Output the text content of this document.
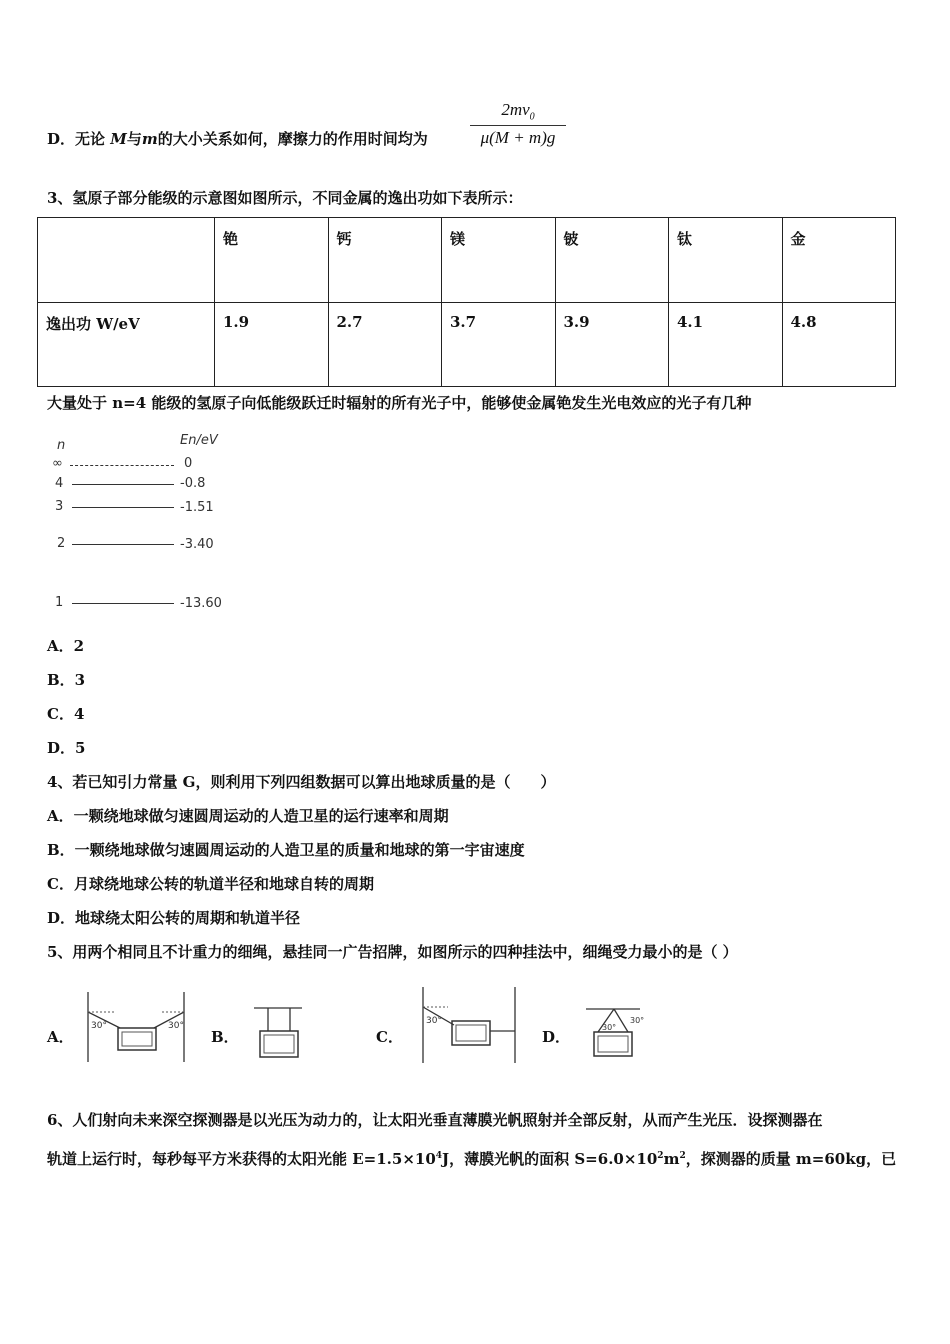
D．无论 M与m的大小关系如何，摩擦力的作用时间均为
$2mv_0$
μ(M + m)g
3、氢原子部分能级的示意图如图所示，不同金属的逸出功如下表所示：
	铯	钙	镁	铍	钛	金
逸出功 W/eV	1.9	2.7	3.7	3.9	4.1	4.8
大量处于 n=4 能级的氢原子向低能级跃迁时辐射的所有光子中，能够使金属铯发生光电效应的光子有几种
n	En/eV
∞	0
4	-0.8
3	-1.51
2	-3.40
1	-13.60
A．2
B．3
C．4
D．5
4、若已知引力常量 G，则利用下列四组数据可以算出地球质量的是（　　）
A．一颗绕地球做匀速圆周运动的人造卫星的运行速率和周期
B．一颗绕地球做匀速圆周运动的人造卫星的质量和地球的第一宇宙速度
C．月球绕地球公转的轨道半径和地球自转的周期
D．地球绕太阳公转的周期和轨道半径
5、用两个相同且不计重力的细绳，悬挂同一广告招牌，如图所示的四种挂法中，细绳受力最小的是（ ）
A．
30°	30°
B．	C．
30°
D．
30°
30°
6、人们射向未来深空探测器是以光压为动力的，让太阳光垂直薄膜光帆照射并全部反射，从而产生光压．设探测器在
轨道上运行时，每秒每平方米获得的太阳光能 $E=1.5\times 10^4J$，薄膜光帆的面积 $S=6.0\times 10^2m^2$，探测器的质量 m=60kg，已
